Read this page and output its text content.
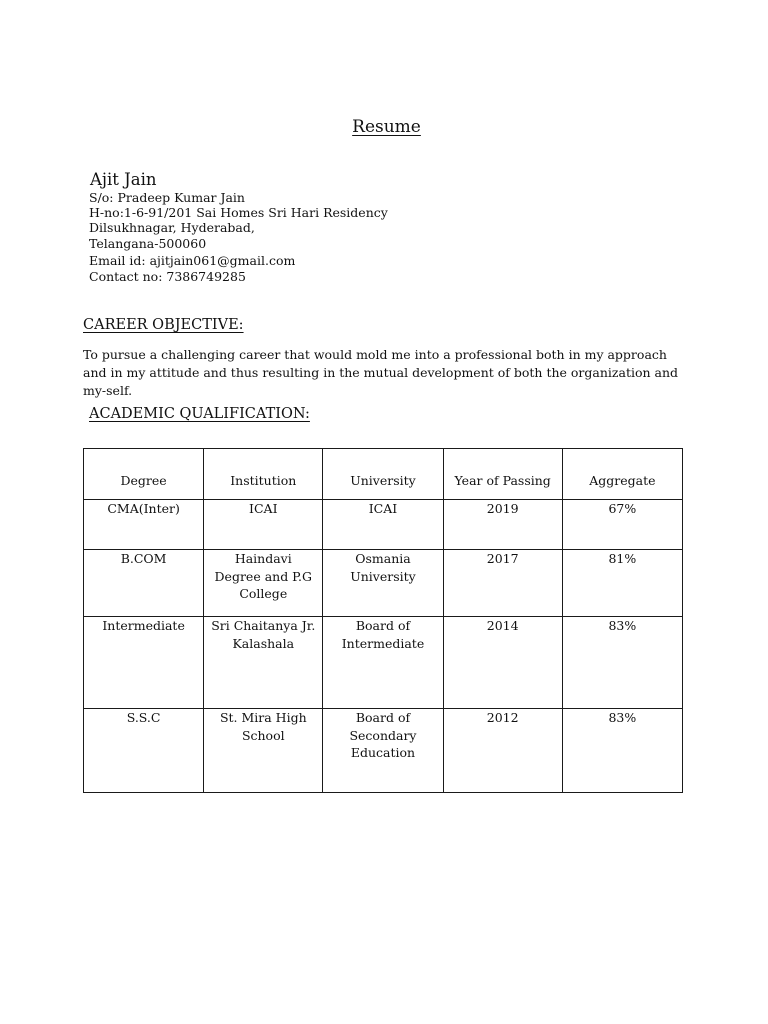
Resume
Ajit Jain
S/o: Pradeep Kumar Jain
H-no:1-6-91/201 Sai Homes Sri Hari Residency
Dilsukhnagar, Hyderabad,
Telangana-500060
Email id: ajitjain061@gmail.com
Contact no: 7386749285
CAREER OBJECTIVE:
To pursue a challenging career that would mold me into a professional both in my approach and in my attitude and thus resulting in the mutual development of both the organization and my-self.
ACADEMIC QUALIFICATION:
Degree	Institution	University	Year of Passing	Aggregate
CMA(Inter)	ICAI	ICAI	2019	67%
B.COM	Haindavi Degree and P.G College	Osmania University	2017	81%
Intermediate	Sri Chaitanya Jr. Kalashala	Board of Intermediate	2014	83%
S.S.C	St. Mira High School	Board of Secondary Education	2012	83%
